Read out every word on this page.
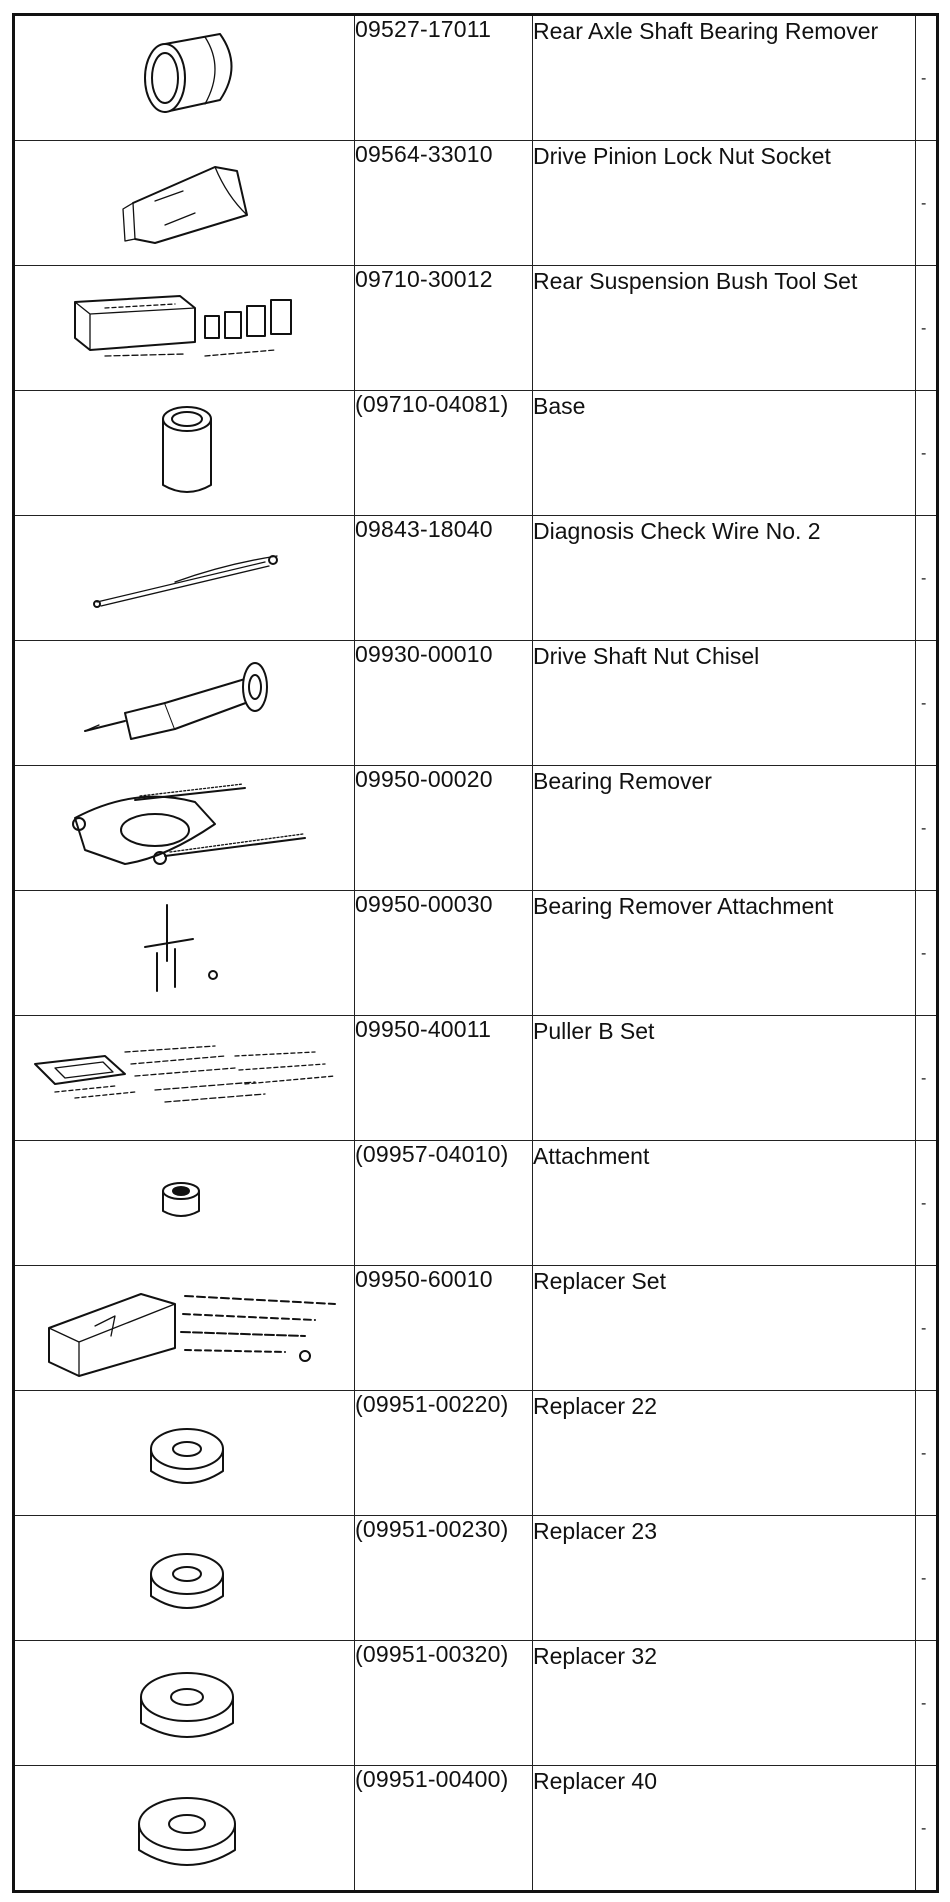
	09527-17011	Rear Axle Shaft Bearing Remover	-

	09564-33010	Drive Pinion Lock Nut Socket	-

	09710-30012	Rear Suspension Bush Tool Set	-

	(09710-04081)	Base	-

	09843-18040	Diagnosis Check Wire No. 2	-

	09930-00010	Drive Shaft Nut Chisel	-

	09950-00020	Bearing Remover	-

	09950-00030	Bearing Remover Attachment	-

	09950-40011	Puller B Set	-

	(09957-04010)	Attachment	-

	09950-60010	Replacer Set	-

	(09951-00220)	Replacer 22	-

	(09951-00230)	Replacer 23	-

	(09951-00320)	Replacer 32	-

	(09951-00400)	Replacer 40	-
